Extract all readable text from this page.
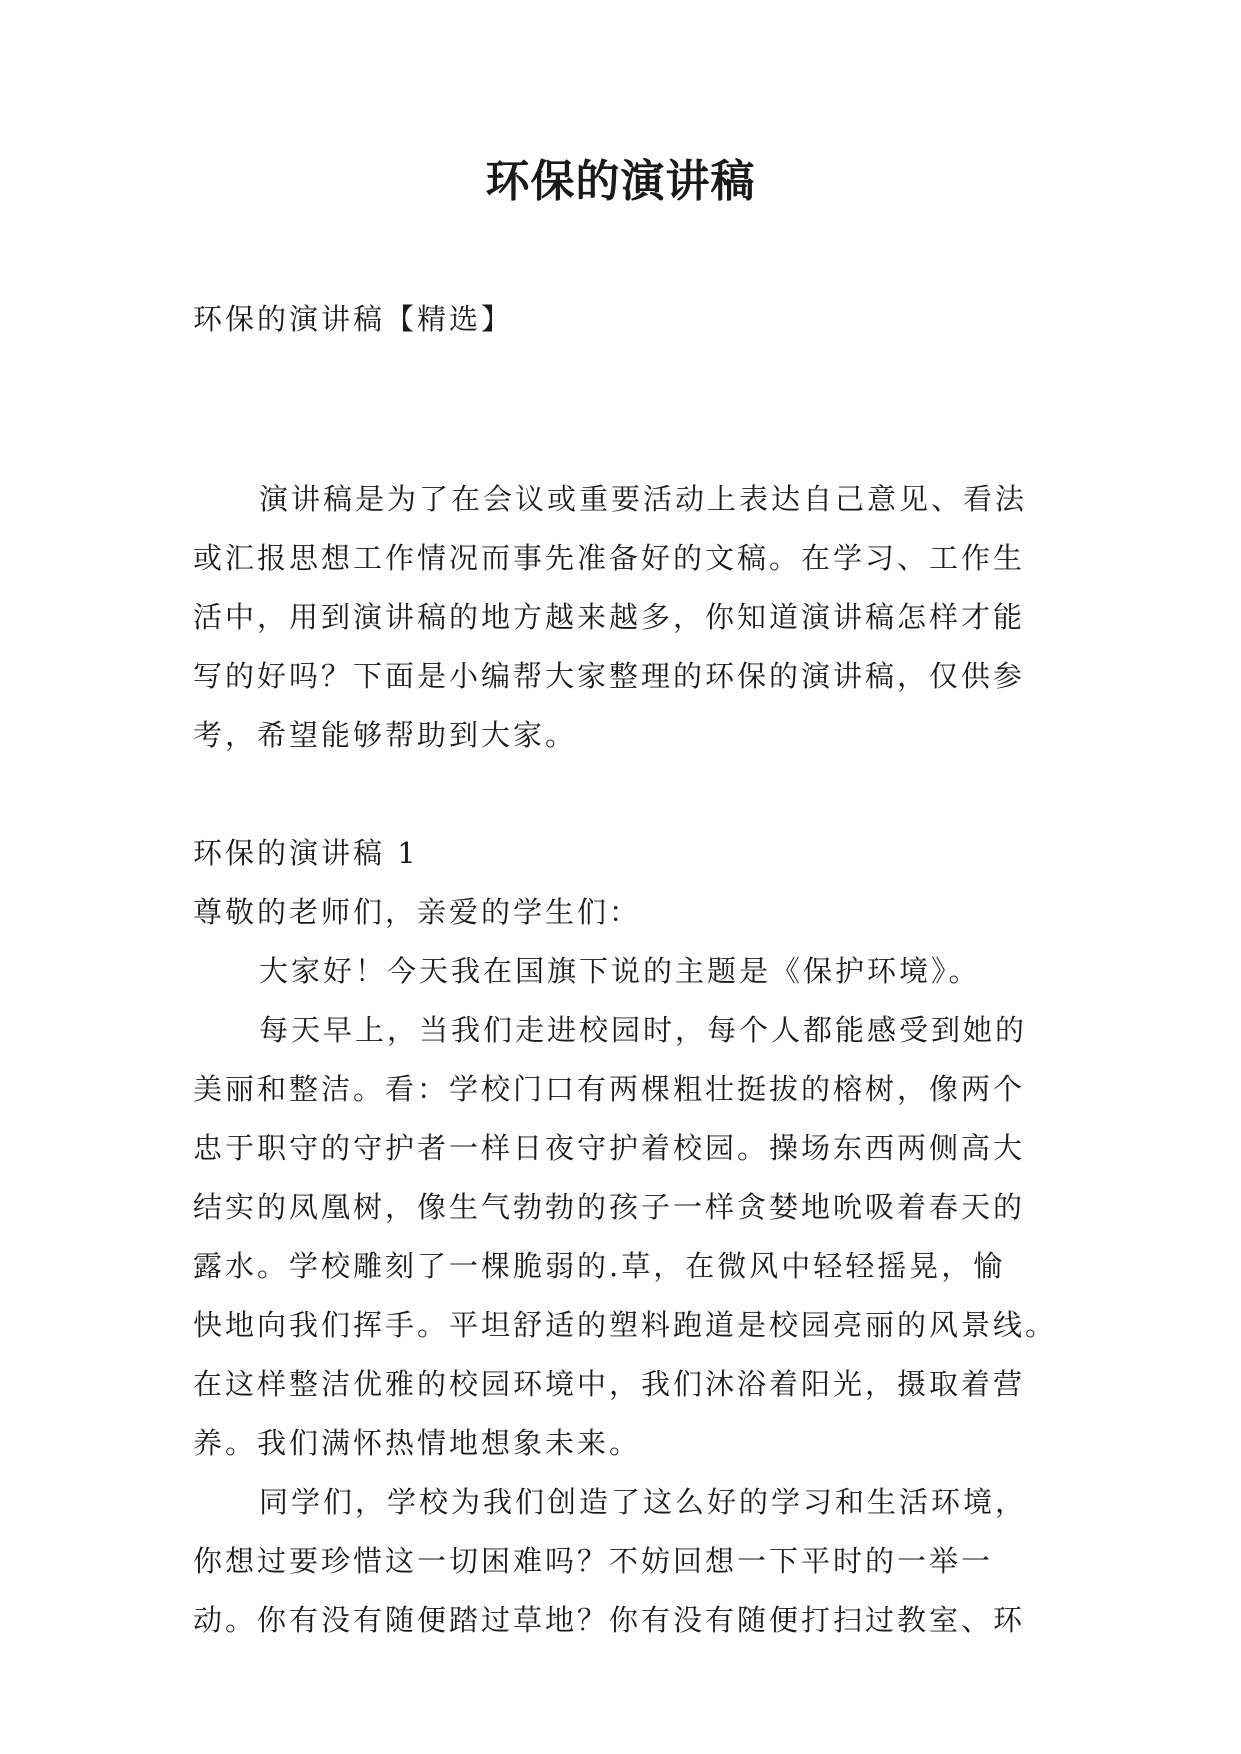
环保的演讲稿
环保的演讲稿【精选】
演讲稿是为了在会议或重要活动上表达自己意见、看法
或汇报思想工作情况而事先准备好的文稿。在学习、工作生
活中，用到演讲稿的地方越来越多，你知道演讲稿怎样才能
写的好吗？下面是小编帮大家整理的环保的演讲稿，仅供参
考，希望能够帮助到大家。
环保的演讲稿 1
尊敬的老师们，亲爱的学生们：
大家好！今天我在国旗下说的主题是《保护环境》。
每天早上，当我们走进校园时，每个人都能感受到她的
美丽和整洁。看：学校门口有两棵粗壮挺拔的榕树，像两个
忠于职守的守护者一样日夜守护着校园。操场东西两侧高大
结实的凤凰树，像生气勃勃的孩子一样贪婪地吮吸着春天的
露水。学校雕刻了一棵脆弱的.草，在微风中轻轻摇晃，愉
快地向我们挥手。平坦舒适的塑料跑道是校园亮丽的风景线。
在这样整洁优雅的校园环境中，我们沐浴着阳光，摄取着营
养。我们满怀热情地想象未来。
同学们，学校为我们创造了这么好的学习和生活环境，
你想过要珍惜这一切困难吗？不妨回想一下平时的一举一
动。你有没有随便踏过草地？你有没有随便打扫过教室、环
